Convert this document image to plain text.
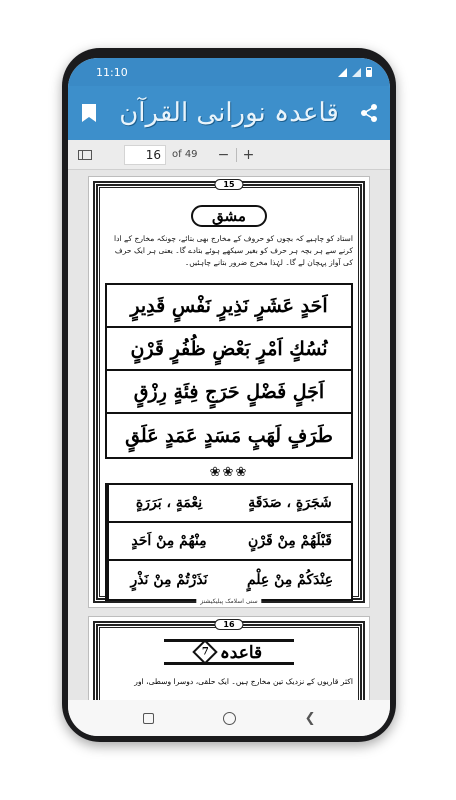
11:10
قاعدہ نورانی القرآن
16	of 49 − +
15
مشق
استاد کو چاہیے کہ بچوں کو حروف کے مخارج بھی بتائے، چونکہ مخارج کے ادا کرنے سے ہر بچہ ہر حرف کو بغیر سیکھے ہوئے بتادے گا۔ یعنی ہر ایک حرف کی آواز پہچان لے گا۔ لہٰذا مخرج ضرور بتانے چاہئیں۔
اَحَدٍ عَشَرٍ نَذِيرٍ نَفْسٍ قَدِيرٍ
نُسُكٍ اَمْرٍ بَعْضٍ ظُفُرٍ قَرْنٍ
اَجَلٍ فَضْلٍ حَرَجٍ فِئَةٍ رِزْقٍ
طَرَفٍ لَهَبٍ مَسَدٍ عَمَدٍ عَلَقٍ
❀❀❀
نِعْمَةٍ ، بَرَرَةٍ	شَجَرَةٍ ، صَدَقَةٍ
مِنْهُمْ مِنْ اَحَدٍ	قَبْلَهُمْ مِنْ قَرْنٍ
نَذَرْتُمْ مِنْ نَذْرٍ	عِنْدَكُمْ مِنْ عِلْمٍ
سنی اسلامک پبلیکیشنز
16
قاعدہ
7
اکثر قاریوں کے نزدیک تین مخارج ہیں۔ ایک حلقی، دوسرا وسطی، اور
❮
